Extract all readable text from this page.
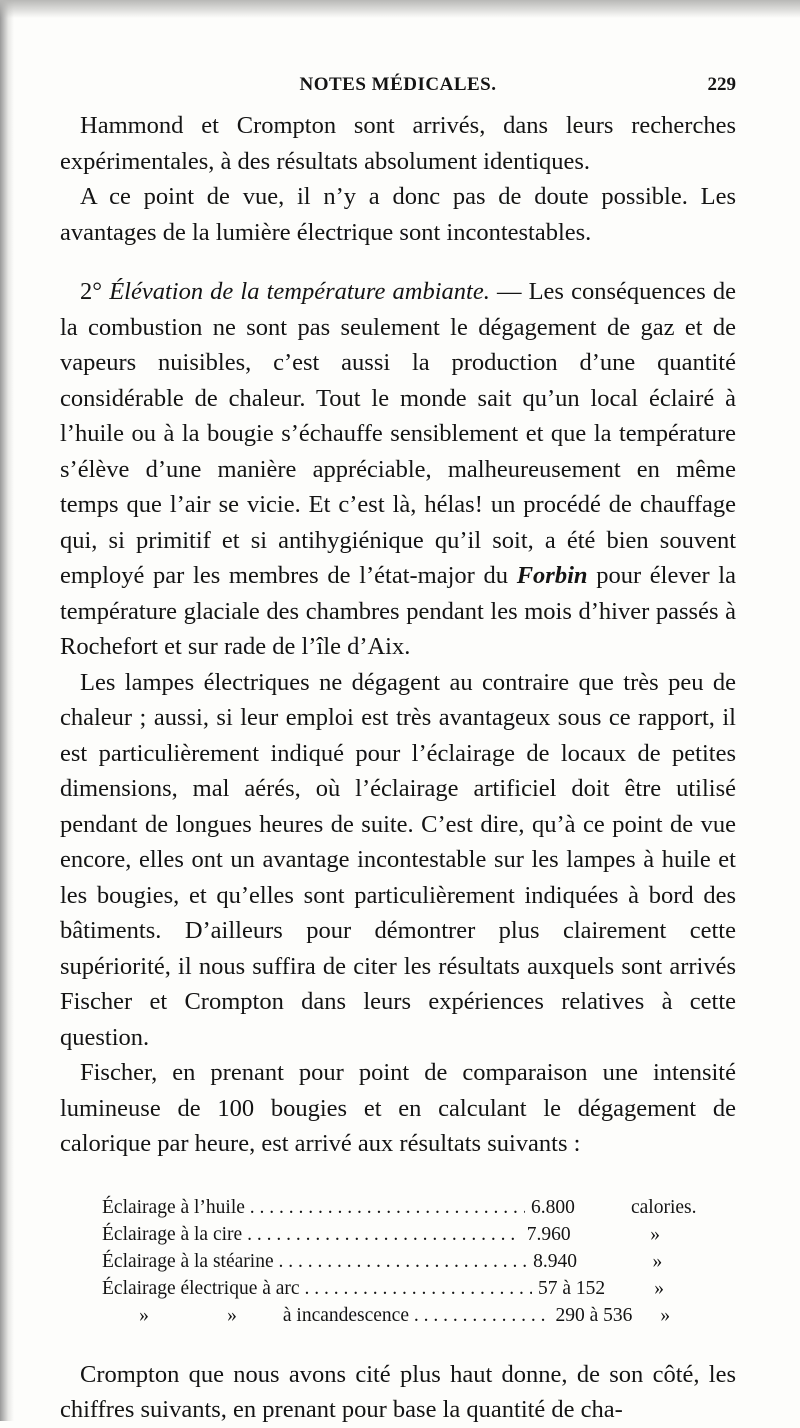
NOTES MÉDICALES.	229

Hammond et Crompton sont arrivés, dans leurs recherches expérimentales, à des résultats absolument identiques.

A ce point de vue, il n’y a donc pas de doute possible. Les avantages de la lumière électrique sont incontestables.

2° Élévation de la température ambiante. — Les conséquences de la combustion ne sont pas seulement le dégagement de gaz et de vapeurs nuisibles, c’est aussi la production d’une quantité considérable de chaleur. Tout le monde sait qu’un local éclairé à l’huile ou à la bougie s’échauffe sensiblement et que la température s’élève d’une manière appréciable, malheureusement en même temps que l’air se vicie. Et c’est là, hélas! un procédé de chauffage qui, si primitif et si antihygiénique qu’il soit, a été bien souvent employé par les membres de l’état-major du Forbin pour élever la température glaciale des chambres pendant les mois d’hiver passés à Rochefort et sur rade de l’île d’Aix.

Les lampes électriques ne dégagent au contraire que très peu de chaleur ; aussi, si leur emploi est très avantageux sous ce rapport, il est particulièrement indiqué pour l’éclairage de locaux de petites dimensions, mal aérés, où l’éclairage artificiel doit être utilisé pendant de longues heures de suite. C’est dire, qu’à ce point de vue encore, elles ont un avantage incontestable sur les lampes à huile et les bougies, et qu’elles sont particulièrement indiquées à bord des bâtiments. D’ailleurs pour démontrer plus clairement cette supériorité, il nous suffira de citer les résultats auxquels sont arrivés Fischer et Crompton dans leurs expériences relatives à cette question.

Fischer, en prenant pour point de comparaison une intensité lumineuse de 100 bougies et en calculant le dégagement de calorique par heure, est arrivé aux résultats suivants :

Éclairage à l’huile . . .	6.800	calories.
Éclairage à la cire . . .	7.960	»
Éclairage à la stéarine . . .	8.940	»
Éclairage électrique à arc . . .	57 à 152	»
»	» à incandescence . . .	290 à 536	»

Crompton que nous avons cité plus haut donne, de son côté, les chiffres suivants, en prenant pour base la quantité de cha-
